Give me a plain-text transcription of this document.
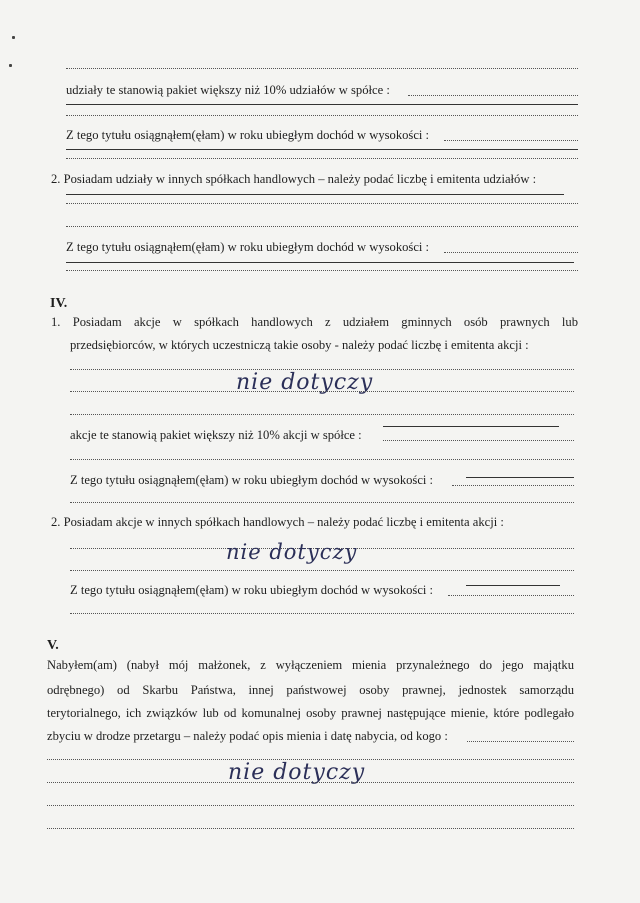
udziały te stanowią pakiet większy niż 10% udziałów w spółce :
Z tego tytułu osiągnąłem(ęłam) w roku ubiegłym dochód w wysokości :
2. Posiadam udziały w innych spółkach handlowych – należy podać liczbę i emitenta udziałów :
Z tego tytułu osiągnąłem(ęłam) w roku ubiegłym dochód w wysokości :
IV.
1. Posiadam akcje w spółkach handlowych z udziałem gminnych osób prawnych lub
przedsiębiorców, w których uczestniczą takie osoby - należy podać liczbę i emitenta akcji :
nie dotyczy
akcje te stanowią pakiet większy niż 10% akcji w spółce :
Z tego tytułu osiągnąłem(ęłam) w roku ubiegłym dochód w wysokości :
2. Posiadam akcje w innych spółkach handlowych – należy podać liczbę i emitenta akcji :
nie dotyczy
Z tego tytułu osiągnąłem(ęłam) w roku ubiegłym dochód w wysokości :
V.
Nabyłem(am) (nabył mój małżonek, z wyłączeniem mienia przynależnego do jego majątku
odrębnego) od Skarbu Państwa, innej państwowej osoby prawnej, jednostek samorządu
terytorialnego, ich związków lub od komunalnej osoby prawnej następujące mienie, które podlegało
zbyciu w drodze przetargu – należy podać opis mienia i datę nabycia, od kogo :
nie dotyczy
